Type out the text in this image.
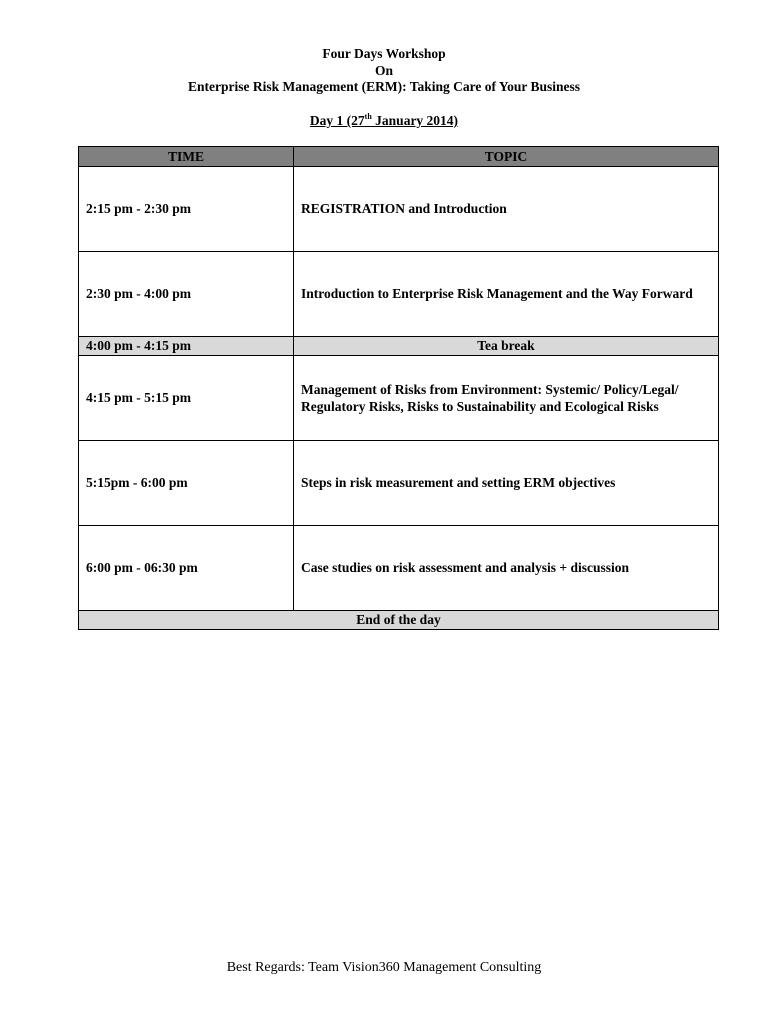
Four Days Workshop
On
Enterprise Risk Management (ERM): Taking Care of Your Business
Day 1 (27th January 2014)
TIME	TOPIC
2:15 pm - 2:30 pm	REGISTRATION and Introduction
2:30 pm - 4:00 pm	Introduction to Enterprise Risk Management and the Way Forward
4:00 pm - 4:15 pm	Tea break
4:15 pm - 5:15 pm	Management of Risks from Environment: Systemic/ Policy/Legal/ Regulatory Risks, Risks to Sustainability and Ecological Risks
5:15pm - 6:00 pm	Steps in risk measurement and setting ERM objectives
6:00 pm - 06:30 pm	Case studies on risk assessment and analysis + discussion
End of the day	
Best Regards: Team Vision360 Management Consulting
